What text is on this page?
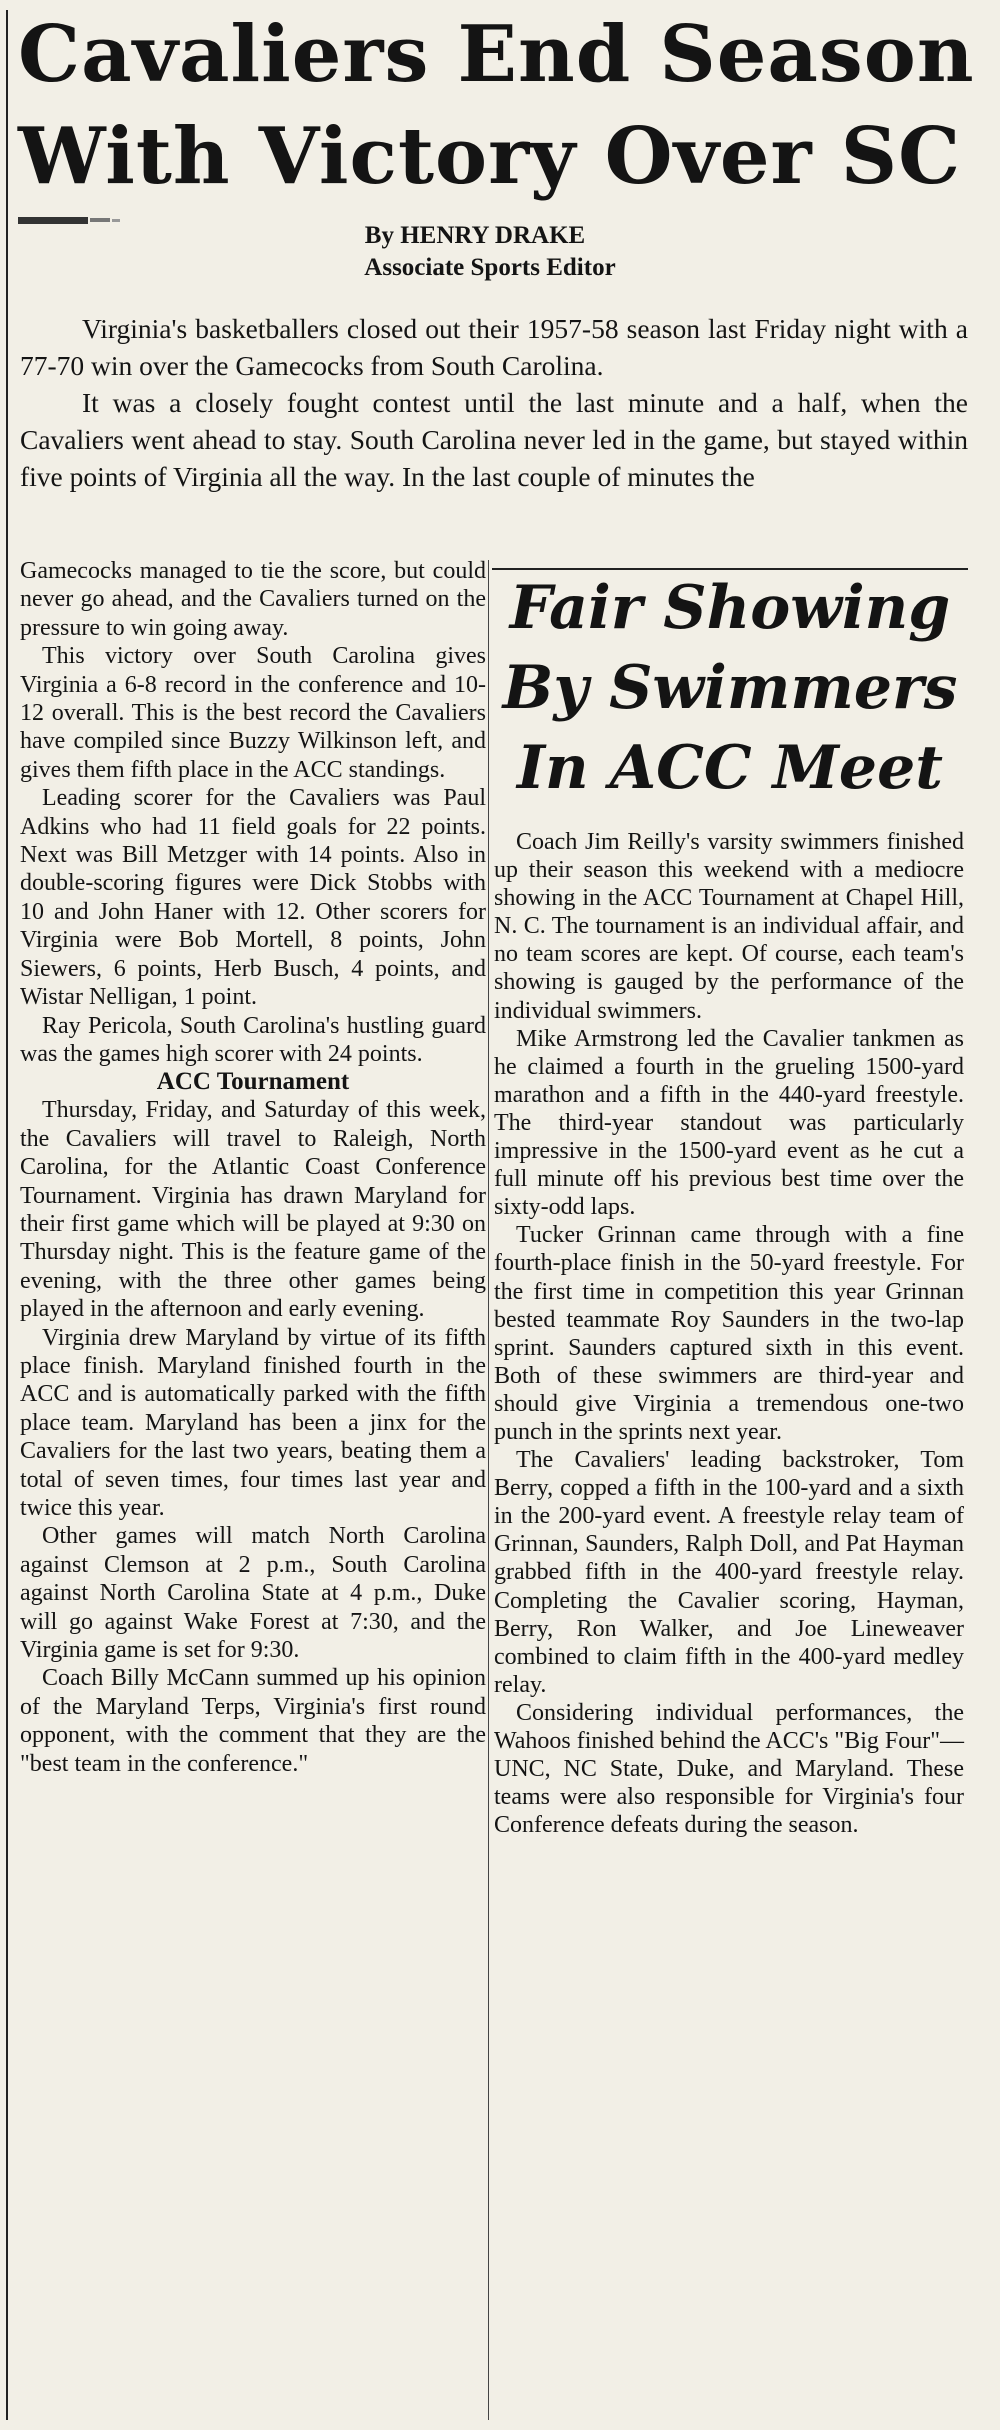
Cavaliers End Season
With Victory Over SC
By HENRY DRAKE
Associate Sports Editor

Virginia's basketballers closed out their 1957-58 season last Friday night with a 77-70 win over the Gamecocks from South Carolina.

It was a closely fought contest until the last minute and a half, when the Cavaliers went ahead to stay. South Carolina never led in the game, but stayed within five points of Virginia all the way. In the last couple of minutes the

Gamecocks managed to tie the score, but could never go ahead, and the Cavaliers turned on the pressure to win going away.

This victory over South Carolina gives Virginia a 6-8 record in the conference and 10-12 overall. This is the best record the Cavaliers have compiled since Buzzy Wilkinson left, and gives them fifth place in the ACC standings.

Leading scorer for the Cavaliers was Paul Adkins who had 11 field goals for 22 points. Next was Bill Metzger with 14 points. Also in double-scoring figures were Dick Stobbs with 10 and John Haner with 12. Other scorers for Virginia were Bob Mortell, 8 points, John Siewers, 6 points, Herb Busch, 4 points, and Wistar Nelligan, 1 point.

Ray Pericola, South Carolina's hustling guard was the games high scorer with 24 points.

ACC Tournament

Thursday, Friday, and Saturday of this week, the Cavaliers will travel to Raleigh, North Carolina, for the Atlantic Coast Conference Tournament. Virginia has drawn Maryland for their first game which will be played at 9:30 on Thursday night. This is the feature game of the evening, with the three other games being played in the afternoon and early evening.

Virginia drew Maryland by virtue of its fifth place finish. Maryland finished fourth in the ACC and is automatically parked with the fifth place team. Maryland has been a jinx for the Cavaliers for the last two years, beating them a total of seven times, four times last year and twice this year.

Other games will match North Carolina against Clemson at 2 p.m., South Carolina against North Carolina State at 4 p.m., Duke will go against Wake Forest at 7:30, and the Virginia game is set for 9:30.

Coach Billy McCann summed up his opinion of the Maryland Terps, Virginia's first round opponent, with the comment that they are the "best team in the conference."

Fair Showing
By Swimmers
In ACC Meet

Coach Jim Reilly's varsity swimmers finished up their season this weekend with a mediocre showing in the ACC Tournament at Chapel Hill, N. C. The tournament is an individual affair, and no team scores are kept. Of course, each team's showing is gauged by the performance of the individual swimmers.

Mike Armstrong led the Cavalier tankmen as he claimed a fourth in the grueling 1500-yard marathon and a fifth in the 440-yard freestyle. The third-year standout was particularly impressive in the 1500-yard event as he cut a full minute off his previous best time over the sixty-odd laps.

Tucker Grinnan came through with a fine fourth-place finish in the 50-yard freestyle. For the first time in competition this year Grinnan bested teammate Roy Saunders in the two-lap sprint. Saunders captured sixth in this event. Both of these swimmers are third-year and should give Virginia a tremendous one-two punch in the sprints next year.

The Cavaliers' leading backstroker, Tom Berry, copped a fifth in the 100-yard and a sixth in the 200-yard event. A freestyle relay team of Grinnan, Saunders, Ralph Doll, and Pat Hayman grabbed fifth in the 400-yard freestyle relay. Completing the Cavalier scoring, Hayman, Berry, Ron Walker, and Joe Lineweaver combined to claim fifth in the 400-yard medley relay.

Considering individual performances, the Wahoos finished behind the ACC's "Big Four"—UNC, NC State, Duke, and Maryland. These teams were also responsible for Virginia's four Conference defeats during the season.
